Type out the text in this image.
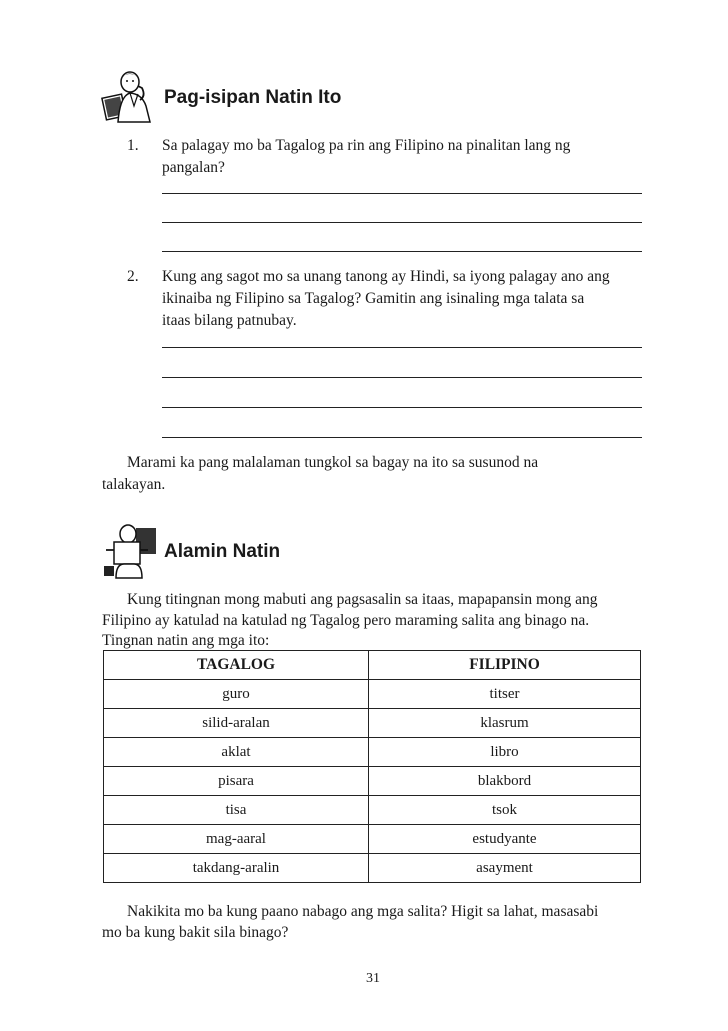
Pag-isipan Natin Ito
1. Sa palagay mo ba Tagalog pa rin ang Filipino na pinalitan lang ng
pangalan?
2. Kung ang sagot mo sa unang tanong ay Hindi, sa iyong palagay ano ang
ikinaiba ng Filipino sa Tagalog? Gamitin ang isinaling mga talata sa
itaas bilang patnubay.
Marami ka pang malalaman tungkol sa bagay na ito sa susunod na
talakayan.
Alamin Natin
Kung titingnan mong mabuti ang pagsasalin sa itaas, mapapansin mong ang
Filipino ay katulad na katulad ng Tagalog pero maraming salita ang binago na.
Tingnan natin ang mga ito:
TAGALOG	FILIPINO
guro	titser
silid-aralan	klasrum
aklat	libro
pisara	blakbord
tisa	tsok
mag-aaral	estudyante
takdang-aralin	asayment
Nakikita mo ba kung paano nabago ang mga salita? Higit sa lahat, masasabi
mo ba kung bakit sila binago?
31
